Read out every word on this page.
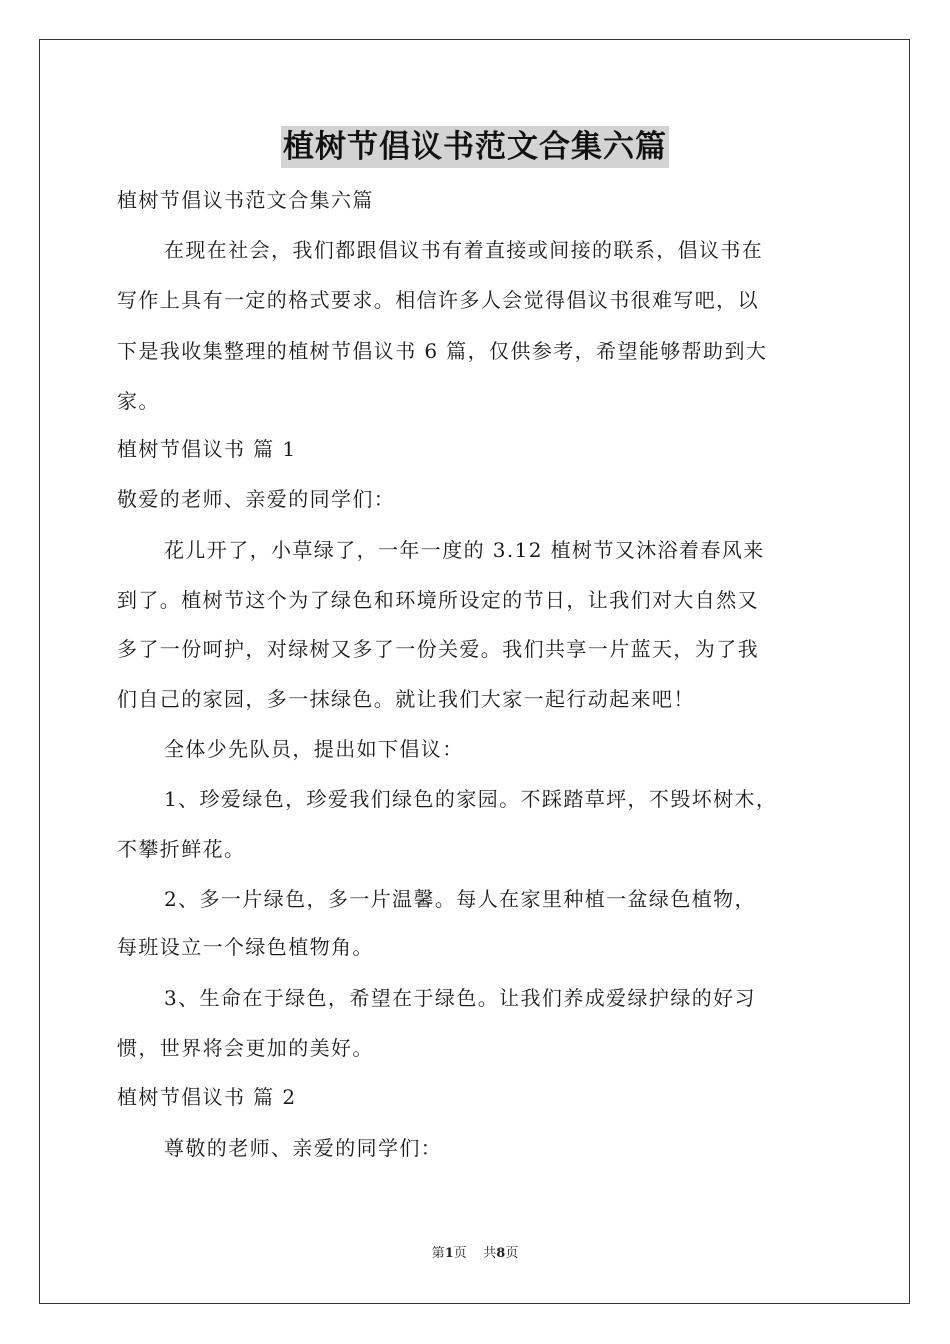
植树节倡议书范文合集六篇
植树节倡议书范文合集六篇
在现在社会，我们都跟倡议书有着直接或间接的联系，倡议书在
写作上具有一定的格式要求。相信许多人会觉得倡议书很难写吧，以
下是我收集整理的植树节倡议书 6 篇，仅供参考，希望能够帮助到大
家。
植树节倡议书 篇 1
敬爱的老师、亲爱的同学们：
花儿开了，小草绿了，一年一度的 3.12 植树节又沐浴着春风来
到了。植树节这个为了绿色和环境所设定的节日，让我们对大自然又
多了一份呵护，对绿树又多了一份关爱。我们共享一片蓝天，为了我
们自己的家园，多一抹绿色。就让我们大家一起行动起来吧！
全体少先队员，提出如下倡议：
1、珍爱绿色，珍爱我们绿色的家园。不踩踏草坪，不毁坏树木，
不攀折鲜花。
2、多一片绿色，多一片温馨。每人在家里种植一盆绿色植物，
每班设立一个绿色植物角。
3、生命在于绿色，希望在于绿色。让我们养成爱绿护绿的好习
惯，世界将会更加的美好。
植树节倡议书 篇 2
尊敬的老师、亲爱的同学们：
第1页    共8页
